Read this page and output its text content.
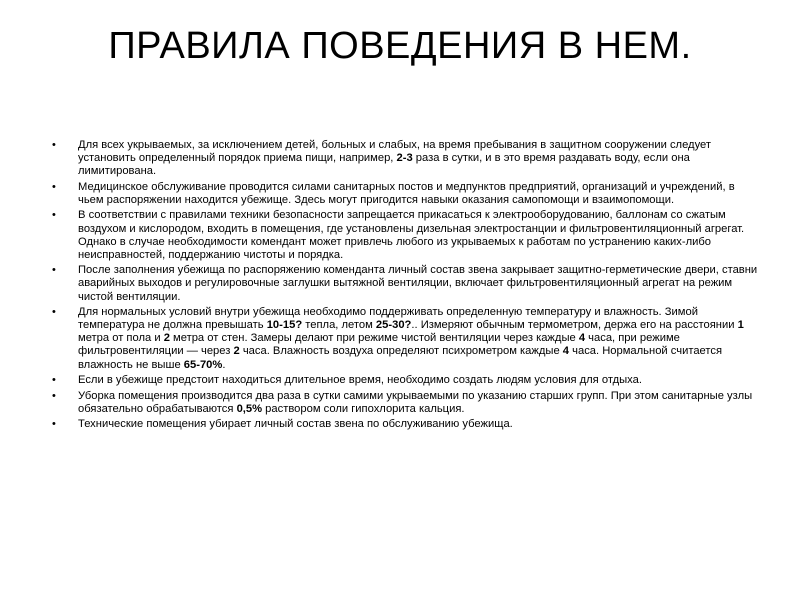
ПРАВИЛА ПОВЕДЕНИЯ В НЕМ.
•	Для всех укрываемых, за исключением детей, больных и слабых, на время пребывания в защитном сооружении следует установить определенный порядок приема пищи, например, 2-3 раза в сутки, и в это время раздавать воду, если она лимитирована.
•	Медицинское обслуживание проводится силами санитарных постов и медпунктов предприятий, организаций и учреждений, в чьем распоряжении находится убежище. Здесь могут пригодится навыки оказания самопомощи и взаимопомощи.
•	В соответствии с правилами техники безопасности запрещается прикасаться к электрооборудованию, баллонам со сжатым воздухом и кислородом, входить в помещения, где установлены дизельная электростанции и фильтровентиляционный агрегат. Однако в случае необходимости комендант может привлечь любого из укрываемых к работам по устранению каких-либо неисправностей, поддержанию чистоты и порядка.
•	После заполнения убежища по распоряжению коменданта личный состав звена закрывает защитно-герметические двери, ставни аварийных выходов и регулировочные заглушки вытяжной вентиляции, включает фильтровентиляционный агрегат на режим чистой вентиляции.
•	Для нормальных условий внутри убежища необходимо поддерживать определенную температуру и влажность. Зимой температура не должна превышать 10-15? тепла, летом 25-30?.. Измеряют обычным термометром, держа его на расстоянии 1 метра от пола и 2 метра от стен. Замеры делают при режиме чистой вентиляции через каждые 4 часа, при режиме фильтровентиляции — через 2 часа. Влажность воздуха определяют психрометром каждые 4 часа. Нормальной считается влажность не выше 65-70%.
•	Если в убежище предстоит находиться длительное время, необходимо создать людям условия для отдыха.
•	Уборка помещения производится два раза в сутки самими укрываемыми по указанию старших групп. При этом санитарные узлы обязательно обрабатываются 0,5% раствором соли гипохлорита кальция.
•	Технические помещения убирает личный состав звена по обслуживанию убежища.
